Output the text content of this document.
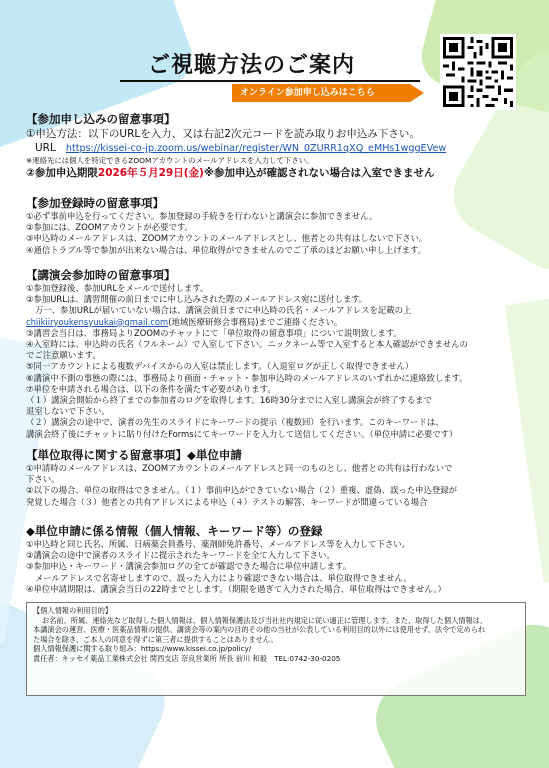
ご視聴方法のご案内
オンライン参加申し込みはこちら
【参加申し込みの留意事項】
①申込方法：以下のURLを入力、又は右記2次元コードを読み取りお申込み下さい。
URL https://kissei-co-jp.zoom.us/webinar/register/WN_0ZURR1qXQ_eMHs1wggEVew
※連絡先には個人を特定できるZOOMアカウントのメールアドレスを入力して下さい。
②参加申込期限2026年５月29日(金)※参加申込が確認されない場合は入室できません
【参加登録時の留意事項】
①必ず事前申込を行ってください。参加登録の手続きを行わないと講演会に参加できません。
②参加には、ZOOMアカウントが必要です。
③申込時のメールアドレスは、ZOOMアカウントのメールアドレスとし、他者との共有はしないで下さい。
④通信トラブル等で参加が出来ない場合は、単位取得ができませんのでご了承のほどお願い申し上げます。
【講演会参加時の留意事項】
①参加登録後、参加URLをメールで送付します。
②参加URLは、講習開催の前日までに申し込みされた際のメールアドレス宛に送付します。
万一、参加URLが届いていない場合は、講演会前日までに申込時の氏名・メールアドレスを記載の上
chiikiiryoukensyuukai@gmail.com(地域医療研修会事務局)までご連絡ください。
③講習会当日は、事務局よりZOOMのチャットにて「単位取得の留意事項」について説明致します。
④入室時には、申込時の氏名（フルネーム）で入室して下さい。ニックネーム等で入室すると本人確認ができませんの
でご注意願います。
⑤同一アカウントによる複数デバイスからの入室は禁止します。（入退室ログが正しく取得できません）
⑥講演中不測の事態の際には、事務局より画面・チャット・参加申込時のメールアドレスのいずれかに連絡致します。
⑦単位を申請される場合は、以下の条件を満たす必要があります。
（１）講演会開始から終了までの参加者のログを取得します。16時30分までに入室し講演会が終了するまで
退室しないで下さい。
（２）講演会の途中で、演者の先生のスライドにキーワードの提示（複数回）を行います。このキーワードは、
講演会終了後にチャットに貼り付けたFormsにてキーワードを入力して送信してください。（単位申請に必要です）
【単位取得に関する留意事項】◆単位申請
①申請時のメールアドレスは、ZOOMアカウントのメールアドレスと同一のものとし、他者との共有は行わないで
下さい。
②以下の場合、単位の取得はできません。（１）事前申込ができていない場合（２）重複、虚偽、誤った申込登録が
発覚した場合（３）他者との共有アドレスによる申込（４）テストの解答、キーワードが間違っている場合
◆単位申請に係る情報（個人情報、キーワード等）の登録
①申込時と同じ氏名、所属、日病薬会員番号、薬剤師免許番号、メールアドレス等を入力して下さい。
②講演会の途中で演者のスライドに提示されたキーワードを全て入力して下さい。
③参加申込・キーワード・講演会参加ログの全てが確認できた場合に単位申請します。
メールアドレスで名寄せしますので、誤った入力により確認できない場合は、単位取得できません。
④単位申請期限は、講演会当日の22時までとします。（期限を過ぎて入力された場合、単位取得はできません。）
【個人情報の利用目的】
お名前、所属、連絡先など取得した個人情報は、個人情報保護法及び当社社内規定に従い適正に管理します。また、取得した個人情報は、
本講演会の運営、医療・医薬品情報の提供、講演会等の案内の目的その他の当社が公表している利用目的以外には使用せず、法令で定められ
た場合を除き、ご本人の同意を得ずに第三者に提供することはありません。
個人情報保護に関する取り組み：https://www.kissei.co.jp/policy/
責任者：キッセイ薬品工業株式会社 関西支店 奈良営業所 所長 前川 和毅　TEL:0742-30-0205
